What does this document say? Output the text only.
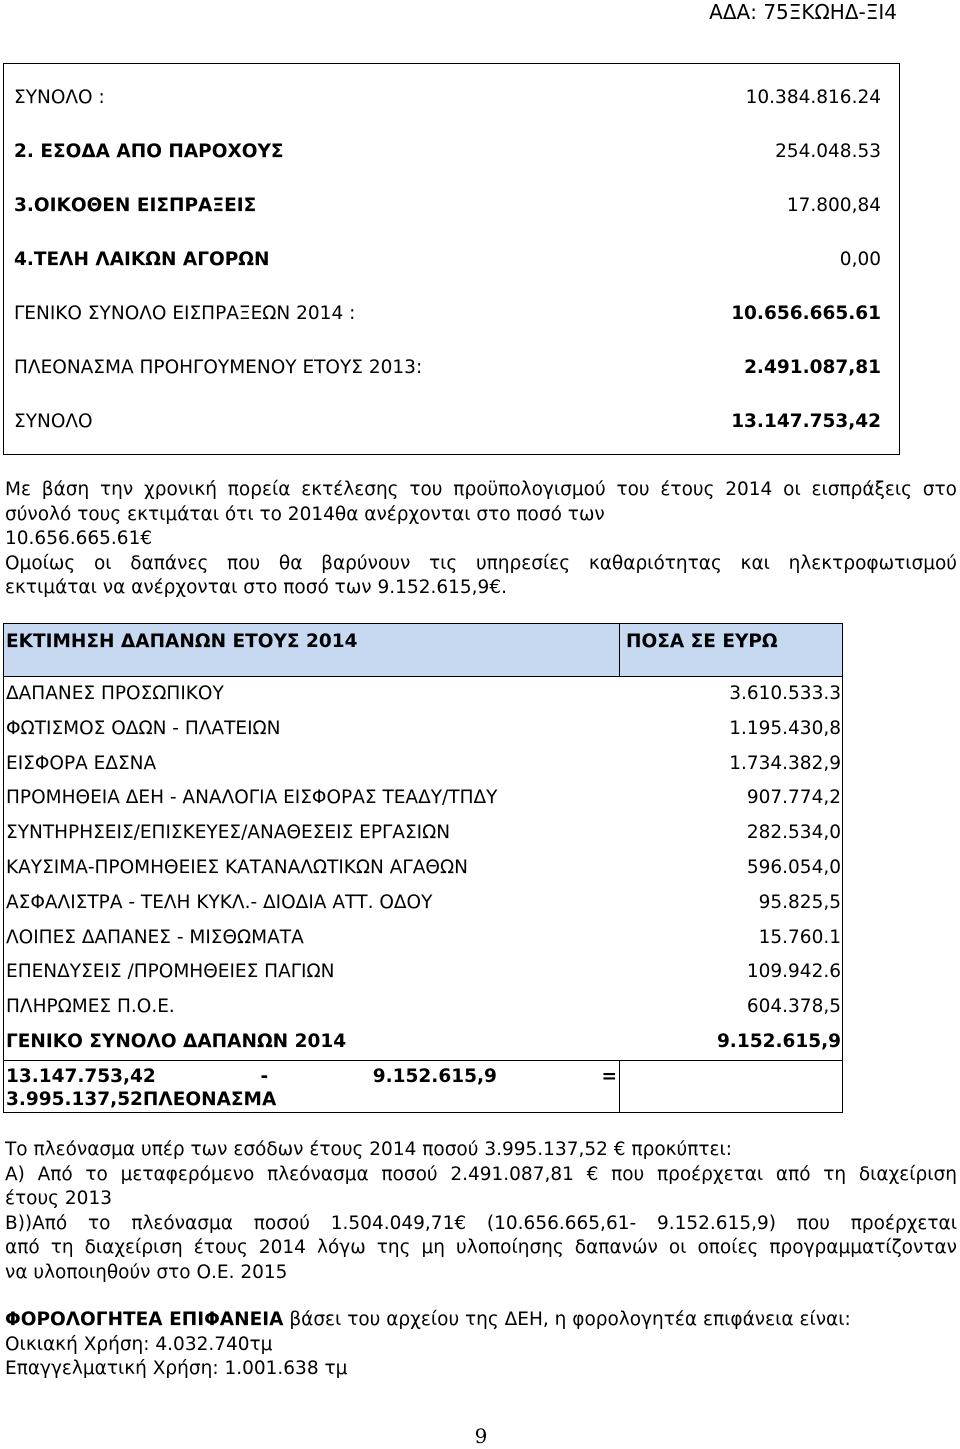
ΑΔΑ: 75ΞΚΩΗΔ-ΞΙ4
ΣΥΝΟΛΟ :	10.384.816.24
2. ΕΣΟΔΑ ΑΠΟ ΠΑΡΟΧΟΥΣ	254.048.53
3.ΟΙΚΟΘΕΝ ΕΙΣΠΡΑΞΕΙΣ	17.800,84
4.ΤΕΛΗ ΛΑΙΚΩΝ ΑΓΟΡΩΝ	0,00
ΓΕΝΙΚΟ ΣΥΝΟΛΟ ΕΙΣΠΡΑΞΕΩΝ 2014 :	10.656.665.61
ΠΛΕΟΝΑΣΜΑ ΠΡΟΗΓΟΥΜΕΝΟΥ ΕΤΟΥΣ 2013:	2.491.087,81
ΣΥΝΟΛΟ	13.147.753,42
Με βάση την χρονική πορεία εκτέλεσης του προϋπολογισμού του έτους 2014 οι εισπράξεις στο
σύνολό τους εκτιμάται ότι το 2014θα ανέρχονται στο ποσό των
10.656.665.61€
Ομοίως οι δαπάνες που θα βαρύνουν τις υπηρεσίες καθαριότητας και ηλεκτροφωτισμού
εκτιμάται να ανέρχονται στο ποσό των 9.152.615,9€.
ΕΚΤΙΜΗΣΗ ΔΑΠΑΝΩΝ ΕΤΟΥΣ 2014	ΠΟΣΑ ΣΕ ΕΥΡΩ
ΔΑΠΑΝΕΣ ΠΡΟΣΩΠΙΚΟΥ	3.610.533.3
ΦΩΤΙΣΜΟΣ ΟΔΩΝ - ΠΛΑΤΕΙΩΝ	1.195.430,8
ΕΙΣΦΟΡΑ ΕΔΣΝΑ	1.734.382,9
ΠΡΟΜΗΘΕΙΑ ΔΕΗ - ΑΝΑΛΟΓΙΑ ΕΙΣΦΟΡΑΣ ΤΕΑΔΥ/ΤΠΔΥ	907.774,2
ΣΥΝΤΗΡΗΣΕΙΣ/ΕΠΙΣΚΕΥΕΣ/ΑΝΑΘΕΣΕΙΣ ΕΡΓΑΣΙΩΝ	282.534,0
ΚΑΥΣΙΜΑ-ΠΡΟΜΗΘΕΙΕΣ ΚΑΤΑΝΑΛΩΤΙΚΩΝ ΑΓΑΘΩΝ	596.054,0
ΑΣΦΑΛΙΣΤΡΑ - ΤΕΛΗ ΚΥΚΛ.- ΔΙΟΔΙΑ ΑΤΤ. ΟΔΟΥ	95.825,5
ΛΟΙΠΕΣ ΔΑΠΑΝΕΣ - ΜΙΣΘΩΜΑΤΑ	15.760.1
ΕΠΕΝΔΥΣΕΙΣ /ΠΡΟΜΗΘΕΙΕΣ ΠΑΓΙΩΝ	109.942.6
ΠΛΗΡΩΜΕΣ Π.Ο.Ε.	604.378,5
ΓΕΝΙΚΟ ΣΥΝΟΛΟ ΔΑΠΑΝΩΝ 2014	9.152.615,9
13.147.753,42 - 9.152.615,9 =
3.995.137,52ΠΛΕΟΝΑΣΜΑ
Το πλεόνασμα υπέρ των εσόδων έτους 2014 ποσού 3.995.137,52 € προκύπτει:
Α) Από το μεταφερόμενο πλεόνασμα ποσού 2.491.087,81 € που προέρχεται από τη διαχείριση
έτους 2013
Β))Από το πλεόνασμα ποσού 1.504.049,71€ (10.656.665,61- 9.152.615,9) που προέρχεται
από τη διαχείριση έτους 2014 λόγω της μη υλοποίησης δαπανών οι οποίες προγραμματίζονταν
να υλοποιηθούν στο Ο.Ε. 2015
ΦΟΡΟΛΟΓΗΤΕΑ ΕΠΙΦΑΝΕΙΑ βάσει του αρχείου της ΔΕΗ, η φορολογητέα επιφάνεια είναι:
Οικιακή Χρήση: 4.032.740τμ
Επαγγελματική Χρήση: 1.001.638 τμ
9
